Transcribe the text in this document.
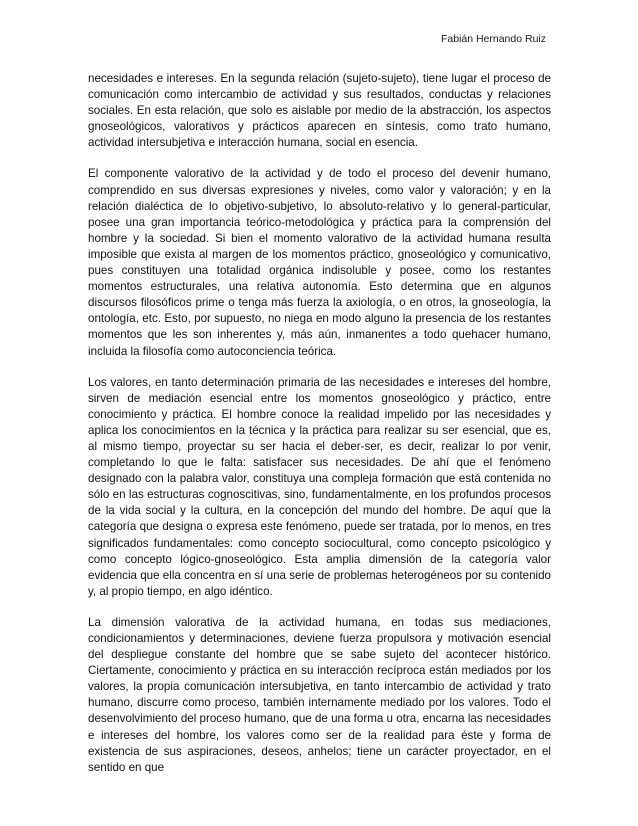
Fabián Hernando Ruiz

necesidades e intereses. En la segunda relación (sujeto-sujeto), tiene lugar el proceso de comunicación como intercambio de actividad y sus resultados, conductas y relaciones sociales. En esta relación, que solo es aislable por medio de la abstracción, los aspectos gnoseológicos, valorativos y prácticos aparecen en síntesis, como trato humano, actividad intersubjetiva e interacción humana, social en esencia.

El componente valorativo de la actividad y de todo el proceso del devenir humano, comprendido en sus diversas expresiones y niveles, como valor y valoración; y en la relación dialéctica de lo objetivo-subjetivo, lo absoluto-relativo y lo general-particular, posee una gran importancia teórico-metodológica y práctica para la comprensión del hombre y la sociedad. Si bien el momento valorativo de la actividad humana resulta imposible que exista al margen de los momentos práctico, gnoseológico y comunicativo, pues constituyen una totalidad orgánica indisoluble y posee, como los restantes momentos estructurales, una relativa autonomía. Esto determina que en algunos discursos filosóficos prime o tenga más fuerza la axiología, o en otros, la gnoseología, la ontología, etc. Esto, por supuesto, no niega en modo alguno la presencia de los restantes momentos que les son inherentes y, más aún, inmanentes a todo quehacer humano, incluida la filosofía como autoconciencia teórica.

Los valores, en tanto determinación primaria de las necesidades e intereses del hombre, sirven de mediación esencial entre los momentos gnoseológico y práctico, entre conocimiento y práctica. El hombre conoce la realidad impelido por las necesidades y aplica los conocimientos en la técnica y la práctica para realizar su ser esencial, que es, al mismo tiempo, proyectar su ser hacia el deber-ser, es decir, realizar lo por venir, completando lo que le falta: satisfacer sus necesidades. De ahí que el fenómeno designado con la palabra valor, constituya una compleja formación que está contenida no sólo en las estructuras cognoscitivas, sino, fundamentalmente, en los profundos procesos de la vida social y la cultura, en la concepción del mundo del hombre. De aquí que la categoría que designa o expresa este fenómeno, puede ser tratada, por lo menos, en tres significados fundamentales: como concepto sociocultural, como concepto psicológico y como concepto lógico-gnoseológico. Esta amplia dimensión de la categoría valor evidencia que ella concentra en sí una serie de problemas heterogéneos por su contenido y, al propio tiempo, en algo idéntico.

La dimensión valorativa de la actividad humana, en todas sus mediaciones, condicionamientos y determinaciones, deviene fuerza propulsora y motivación esencial del despliegue constante del hombre que se sabe sujeto del acontecer histórico. Ciertamente, conocimiento y práctica en su interacción recíproca están mediados por los valores, la propia comunicación intersubjetiva, en tanto intercambio de actividad y trato humano, discurre como proceso, también internamente mediado por los valores. Todo el desenvolvimiento del proceso humano, que de una forma u otra, encarna las necesidades e intereses del hombre, los valores como ser de la realidad para éste y forma de existencia de sus aspiraciones, deseos, anhelos; tiene un carácter proyectador, en el sentido en que
